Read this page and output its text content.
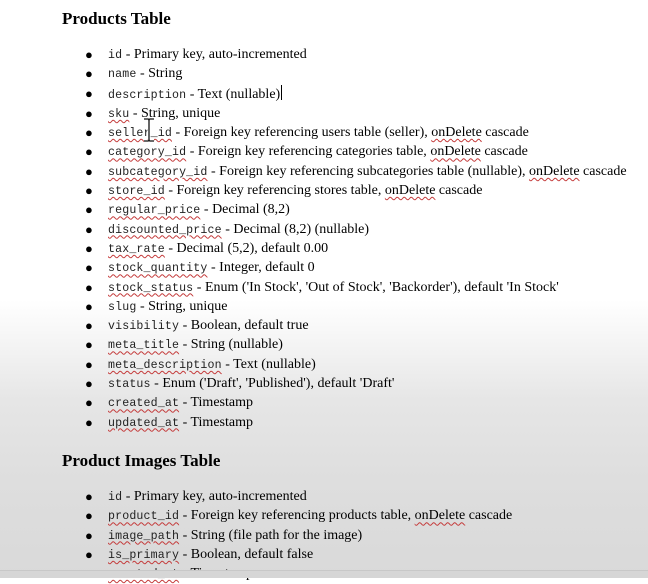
Products Table
● id - Primary key, auto-incremented
● name - String
● description - Text (nullable)
● sku - String, unique
● seller_id - Foreign key referencing users table (seller), onDelete cascade
● category_id - Foreign key referencing categories table, onDelete cascade
● subcategory_id - Foreign key referencing subcategories table (nullable), onDelete cascade
● store_id - Foreign key referencing stores table, onDelete cascade
● regular_price - Decimal (8,2)
● discounted_price - Decimal (8,2) (nullable)
● tax_rate - Decimal (5,2), default 0.00
● stock_quantity - Integer, default 0
● stock_status - Enum ('In Stock', 'Out of Stock', 'Backorder'), default 'In Stock'
● slug - String, unique
● visibility - Boolean, default true
● meta_title - String (nullable)
● meta_description - Text (nullable)
● status - Enum ('Draft', 'Published'), default 'Draft'
● created_at - Timestamp
● updated_at - Timestamp
Product Images Table
● id - Primary key, auto-incremented
● product_id - Foreign key referencing products table, onDelete cascade
● image_path - String (file path for the image)
● is_primary - Boolean, default false
